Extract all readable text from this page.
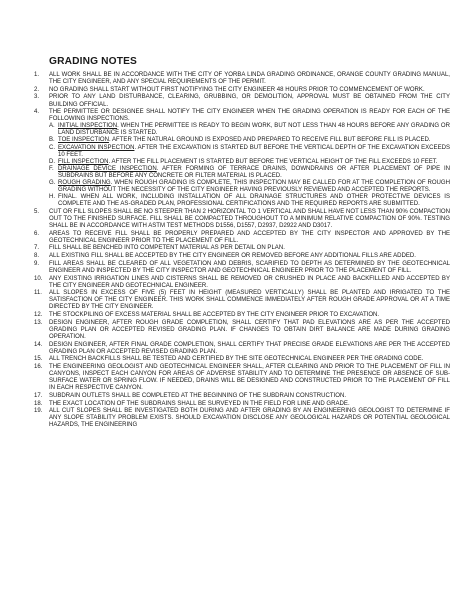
GRADING NOTES
1. ALL WORK SHALL BE IN ACCORDANCE WITH THE CITY OF YORBA LINDA GRADING ORDINANCE, ORANGE COUNTY GRADING MANUAL, THE CITY ENGINEER, AND ANY SPECIAL REQUIREMENTS OF THE PERMIT.
2. NO GRADING SHALL START WITHOUT FIRST NOTIFYING THE CITY ENGINEER 48 HOURS PRIOR TO COMMENCEMENT OF WORK.
3. PRIOR TO ANY LAND DISTURBANCE, CLEARING, GRUBBING, OR DEMOLITION, APPROVAL MUST BE OBTAINED FROM THE CITY BUILDING OFFICIAL.
4. THE PERMITTEE OR DESIGNEE SHALL NOTIFY THE CITY ENGINEER WHEN THE GRADING OPERATION IS READY FOR EACH OF THE FOLLOWING INSPECTIONS.
A. INITIAL INSPECTION. WHEN THE PERMITTEE IS READY TO BEGIN WORK, BUT NOT LESS THAN 48 HOURS BEFORE ANY GRADING OR LAND DISTURBANCE IS STARTED.
B. TOE INSPECTION. AFTER THE NATURAL GROUND IS EXPOSED AND PREPARED TO RECEIVE FILL BUT BEFORE FILL IS PLACED.
C. EXCAVATION INSPECTION. AFTER THE EXCAVATION IS STARTED BUT BEFORE THE VERTICAL DEPTH OF THE EXCAVATION EXCEEDS 10 FEET.
D. FILL INSPECTION. AFTER THE FILL PLACEMENT IS STARTED BUT BEFORE THE VERTICAL HEIGHT OF THE FILL EXCEEDS 10 FEET.
F. DRAINAGE DEVICE INSPECTION. AFTER FORMING OF TERRACE DRAINS, DOWNDRAINS OR AFTER PLACEMENT OF PIPE IN SUBDRAINS BUT BEFORE ANY CONCRETE OR FILTER MATERIAL IS PLACED.
G. ROUGH GRADING. WHEN ROUGH GRADING IS COMPLETE, THIS INSPECTION MAY BE CALLED FOR AT THE COMPLETION OF ROUGH GRADING WITHOUT THE NECESSITY OF THE CITY ENGINEER HAVING PREVIOUSLY REVIEWED AND ACCEPTED THE REPORTS.
H. FINAL. WHEN ALL WORK, INCLUDING INSTALLATION OF ALL DRAINAGE STRUCTURES AND OTHER PROTECTIVE DEVICES IS COMPLETE AND THE AS-GRADED PLAN, PROFESSIONAL CERTIFICATIONS AND THE REQUIRED REPORTS ARE SUBMITTED.
5. CUT OR FILL SLOPES SHALL BE NO STEEPER THAN 2 HORIZONTAL TO 1 VERTICAL AND SHALL HAVE NOT LESS THAN 90% COMPACTION OUT TO THE FINISHED SURFACE. FILL SHALL BE COMPACTED THROUGHOUT TO A MINIMUM RELATIVE COMPACTION OF 90%. TESTING SHALL BE IN ACCORDANCE WITH ASTM TEST METHODS D1556, D1557, D2937, D2922 AND D3017.
6. AREAS TO RECEIVE FILL SHALL BE PROPERLY PREPARED AND ACCEPTED BY THE CITY INSPECTOR AND APPROVED BY THE GEOTECHNICAL ENGINEER PRIOR TO THE PLACEMENT OF FILL.
7. FILL SHALL BE BENCHED INTO COMPETENT MATERIAL AS PER DETAIL ON PLAN.
8. ALL EXISTING FILL SHALL BE ACCEPTED BY THE CITY ENGINEER OR REMOVED BEFORE ANY ADDITIONAL FILLS ARE ADDED.
9. FILL AREAS SHALL BE CLEARED OF ALL VEGETATION AND DEBRIS, SCARIFIED TO DEPTH AS DETERMINED BY THE GEOTECHNICAL ENGINEER AND INSPECTED BY THE CITY INSPECTOR AND GEOTECHNICAL ENGINEER PRIOR TO THE PLACEMENT OF FILL.
10. ANY EXISTING IRRIGATION LINES AND CISTERNS SHALL BE REMOVED OR CRUSHED IN PLACE AND BACKFILLED AND ACCEPTED BY THE CITY ENGINEER AND GEOTECHNICAL ENGINEER.
11. ALL SLOPES IN EXCESS OF FIVE (5) FEET IN HEIGHT (MEASURED VERTICALLY) SHALL BE PLANTED AND IRRIGATED TO THE SATISFACTION OF THE CITY ENGINEER. THIS WORK SHALL COMMENCE IMMEDIATELY AFTER ROUGH GRADE APPROVAL OR AT A TIME DIRECTED BY THE CITY ENGINEER.
12. THE STOCKPILING OF EXCESS MATERIAL SHALL BE ACCEPTED BY THE CITY ENGINEER PRIOR TO EXCAVATION.
13. DESIGN ENGINEER, AFTER ROUGH GRADE COMPLETION, SHALL CERTIFY THAT PAD ELEVATIONS ARE AS PER THE ACCEPTED GRADING PLAN OR ACCEPTED REVISED GRADING PLAN. IF CHANGES TO OBTAIN DIRT BALANCE ARE MADE DURING GRADING OPERATION.
14. DESIGN ENGINEER, AFTER FINAL GRADE COMPLETION, SHALL CERTIFY THAT PRECISE GRADE ELEVATIONS ARE PER THE ACCEPTED GRADING PLAN OR ACCEPTED REVISED GRADING PLAN.
15. ALL TRENCH BACKFILLS SHALL BE TESTED AND CERTIFIED BY THE SITE GEOTECHNICAL ENGINEER PER THE GRADING CODE.
16. THE ENGINEERING GEOLOGIST AND GEOTECHNICAL ENGINEER SHALL, AFTER CLEARING AND PRIOR TO THE PLACEMENT OF FILL IN CANYONS, INSPECT EACH CANYON FOR AREAS OF ADVERSE STABILITY AND TO DETERMINE THE PRESENCE OR ABSENCE OF SUB-SURFACE WATER OR SPRING FLOW. IF NEEDED, DRAINS WILL BE DESIGNED AND CONSTRUCTED PRIOR TO THE PLACEMENT OF FILL IN EACH RESPECTIVE CANYON.
17. SUBDRAIN OUTLETS SHALL BE COMPLETED AT THE BEGINNING OF THE SUBDRAIN CONSTRUCTION.
18. THE EXACT LOCATION OF THE SUBDRAINS SHALL BE SURVEYED IN THE FIELD FOR LINE AND GRADE.
19. ALL CUT SLOPES SHALL BE INVESTIGATED BOTH DURING AND AFTER GRADING BY AN ENGINEERING GEOLOGIST TO DETERMINE IF ANY SLOPE STABILITY PROBLEM EXISTS. SHOULD EXCAVATION DISCLOSE ANY GEOLOGICAL HAZARDS OR POTENTIAL GEOLOGICAL HAZARDS, THE ENGINEERING
